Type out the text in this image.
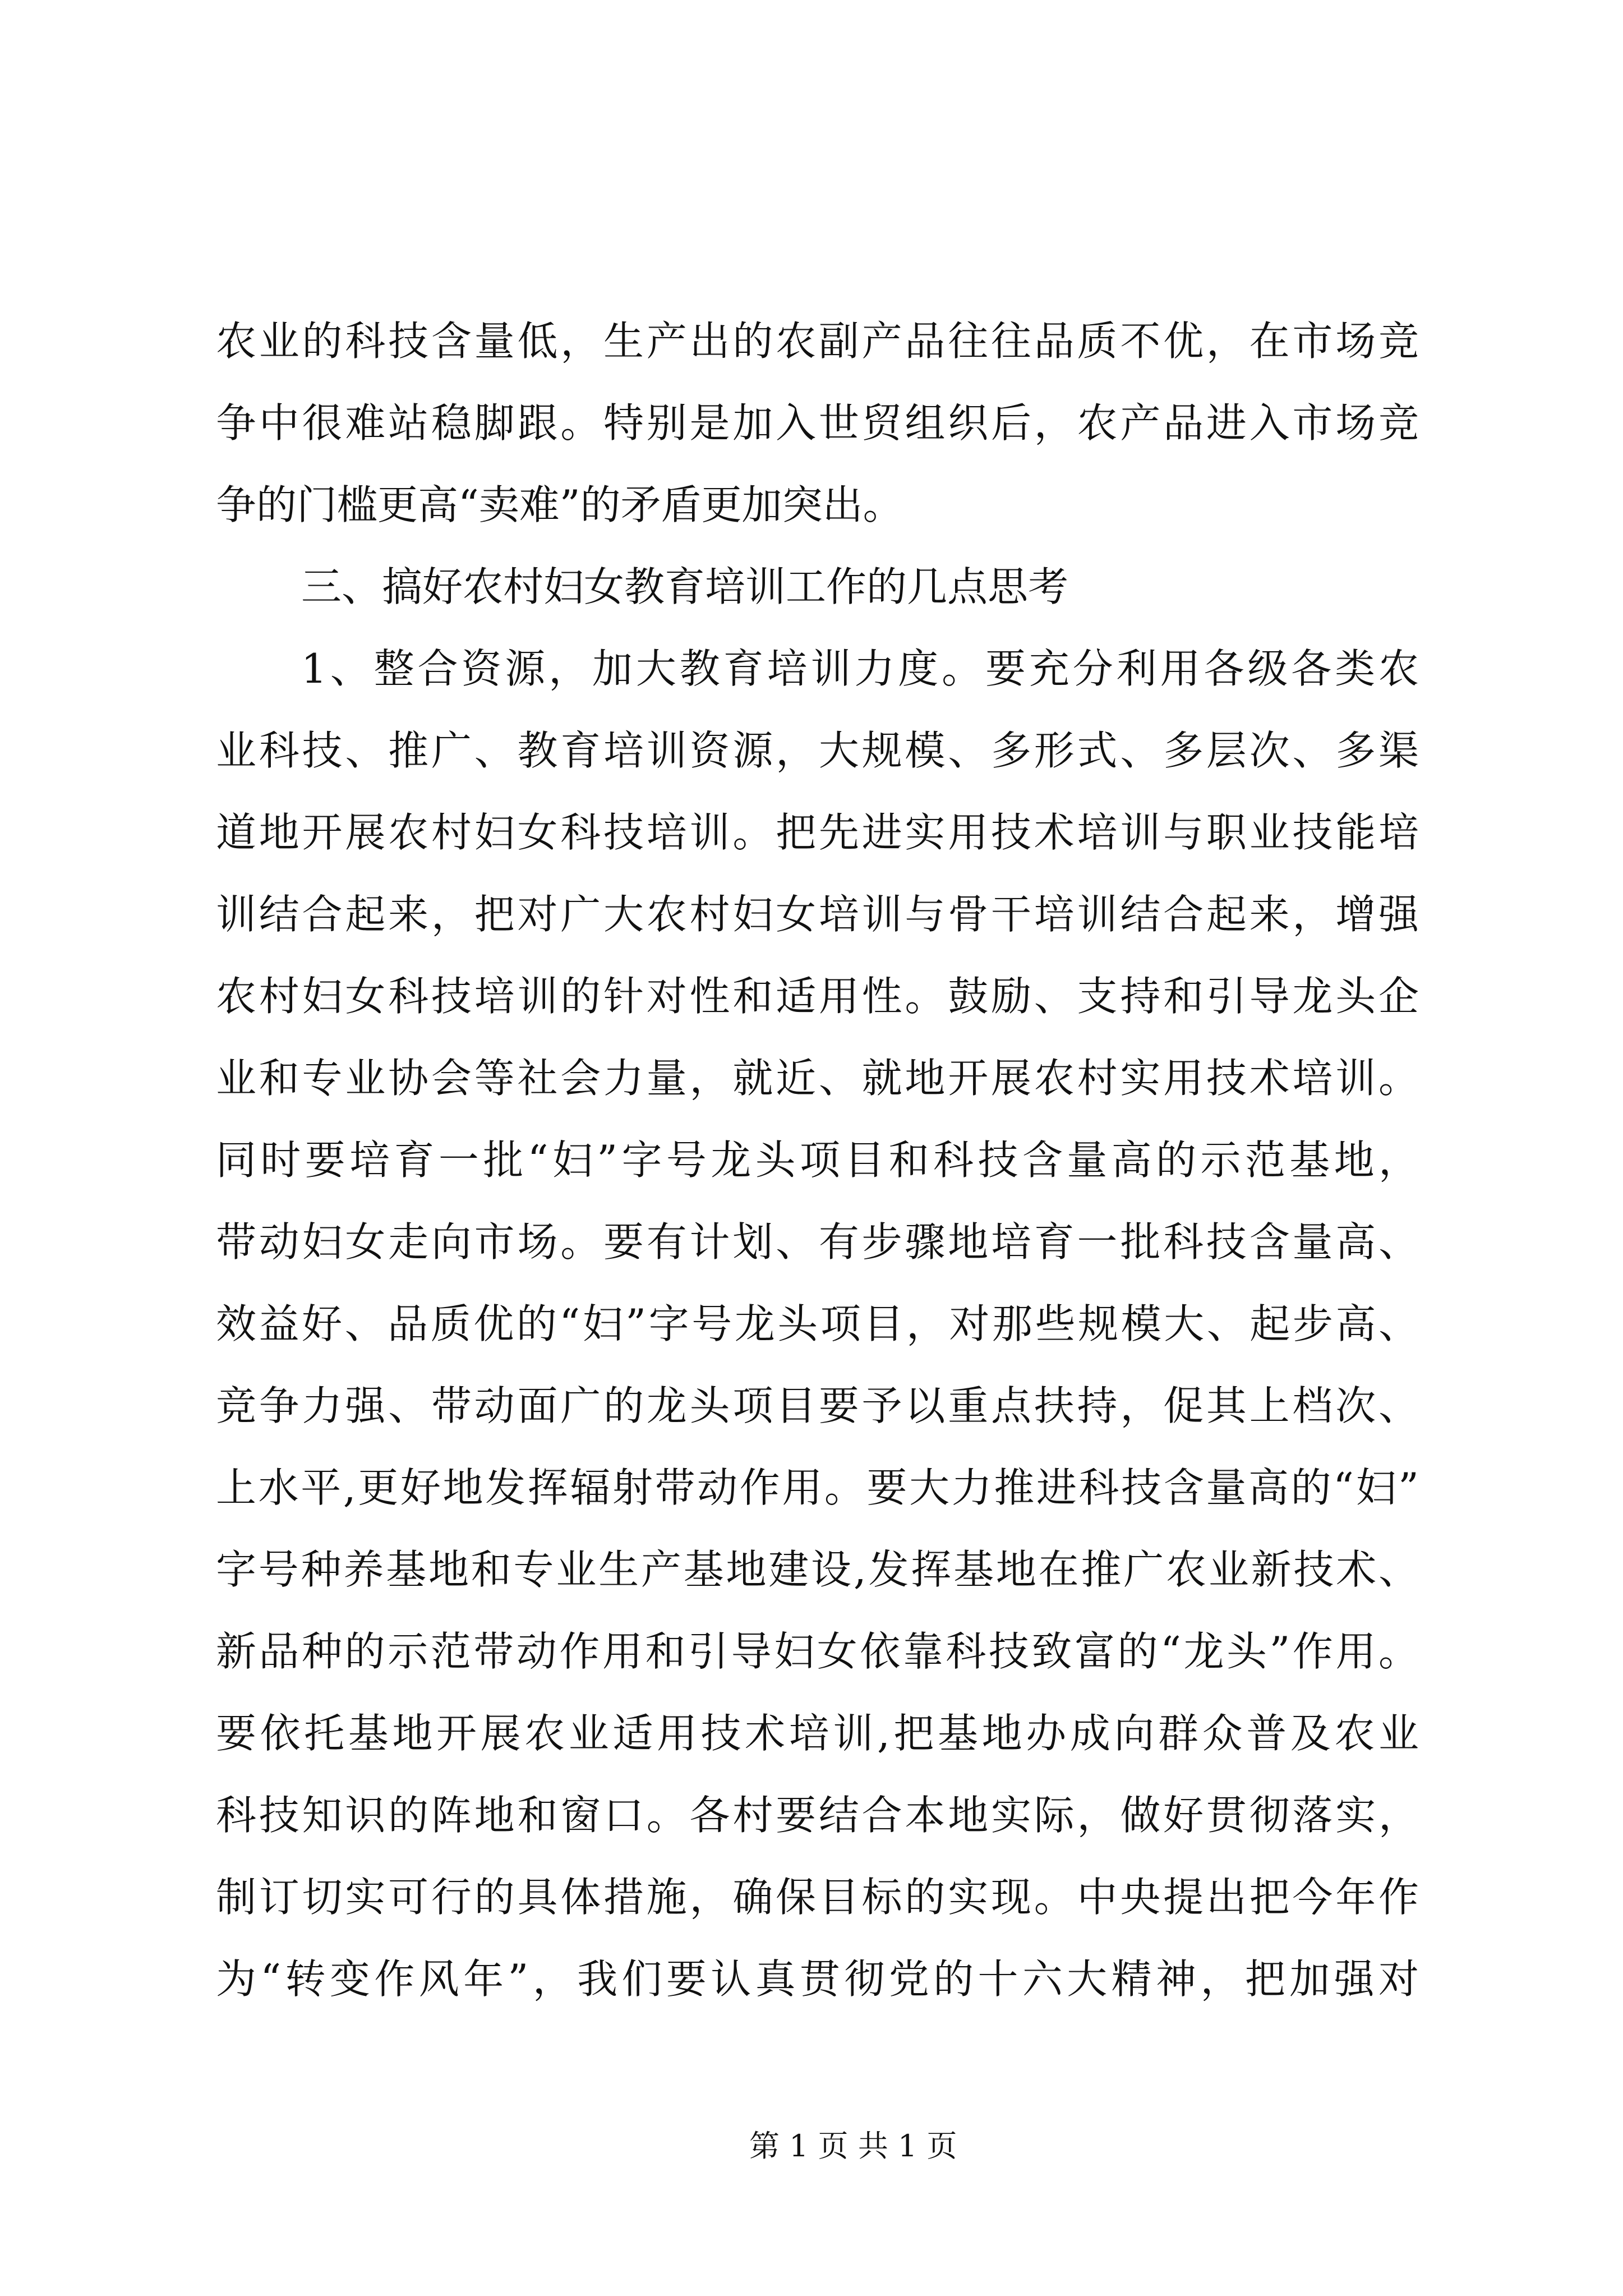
农业的科技含量低，生产出的农副产品往往品质不优，在市场竞
争中很难站稳脚跟。特别是加入世贸组织后，农产品进入市场竞
争的门槛更高“卖难”的矛盾更加突出。
三、搞好农村妇女教育培训工作的几点思考
1、整合资源，加大教育培训力度。要充分利用各级各类农
业科技、推广、教育培训资源，大规模、多形式、多层次、多渠
道地开展农村妇女科技培训。把先进实用技术培训与职业技能培
训结合起来，把对广大农村妇女培训与骨干培训结合起来，增强
农村妇女科技培训的针对性和适用性。鼓励、支持和引导龙头企
业和专业协会等社会力量，就近、就地开展农村实用技术培训。
同时要培育一批“妇”字号龙头项目和科技含量高的示范基地，
带动妇女走向市场。要有计划、有步骤地培育一批科技含量高、
效益好、品质优的“妇”字号龙头项目，对那些规模大、起步高、
竞争力强、带动面广的龙头项目要予以重点扶持，促其上档次、
上水平,更好地发挥辐射带动作用。要大力推进科技含量高的“妇”
字号种养基地和专业生产基地建设,发挥基地在推广农业新技术、
新品种的示范带动作用和引导妇女依靠科技致富的“龙头”作用。
要依托基地开展农业适用技术培训,把基地办成向群众普及农业
科技知识的阵地和窗口。各村要结合本地实际，做好贯彻落实，
制订切实可行的具体措施，确保目标的实现。中央提出把今年作
为“转变作风年”，我们要认真贯彻党的十六大精神，把加强对
第 1 页 共 1 页
